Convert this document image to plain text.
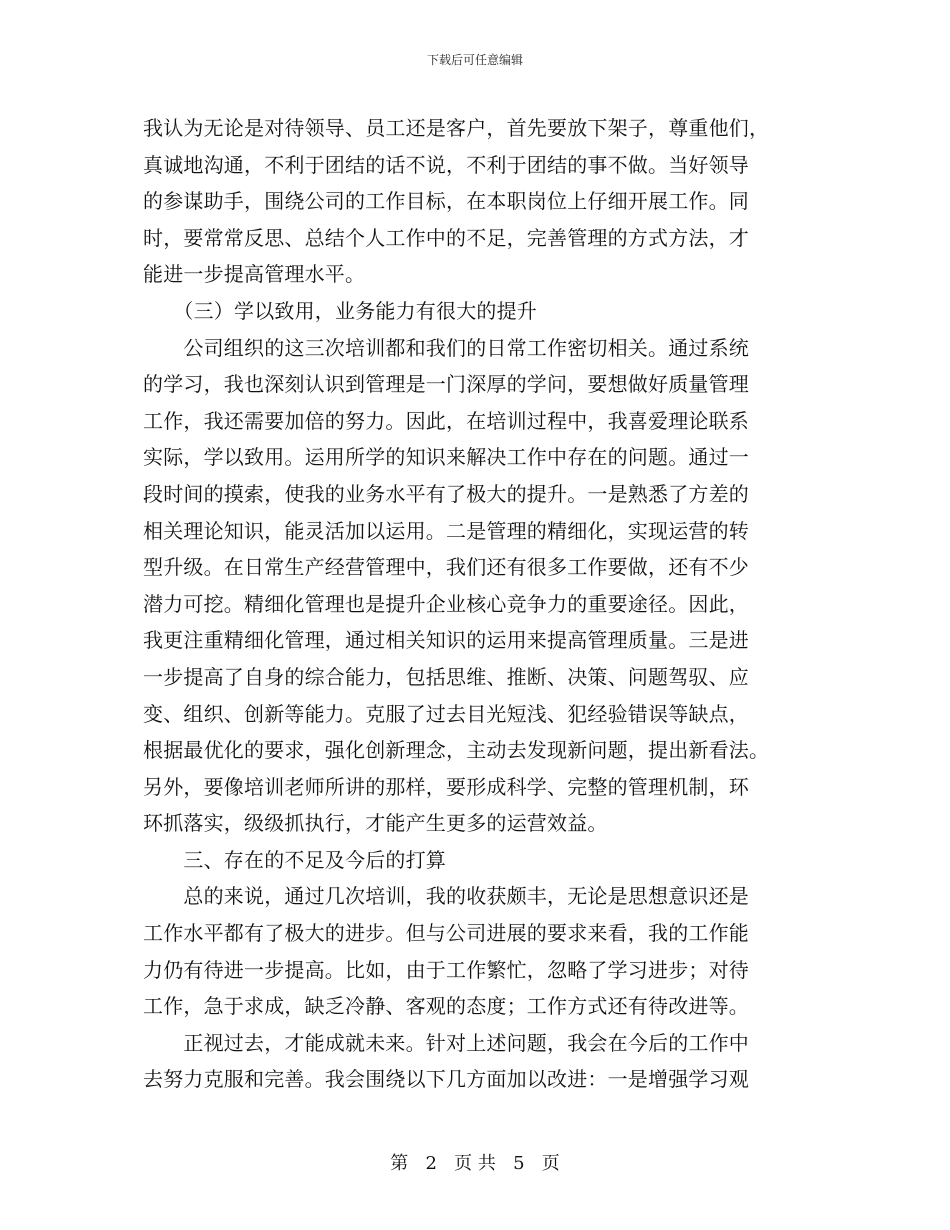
下载后可任意编辑
我认为无论是对待领导、员工还是客户，首先要放下架子，尊重他们，
真诚地沟通，不利于团结的话不说，不利于团结的事不做。当好领导
的参谋助手，围绕公司的工作目标，在本职岗位上仔细开展工作。同
时，要常常反思、总结个人工作中的不足，完善管理的方式方法，才
能进一步提高管理水平。
　　（三）学以致用，业务能力有很大的提升
　　公司组织的这三次培训都和我们的日常工作密切相关。通过系统
的学习，我也深刻认识到管理是一门深厚的学问，要想做好质量管理
工作，我还需要加倍的努力。因此，在培训过程中，我喜爱理论联系
实际，学以致用。运用所学的知识来解决工作中存在的问题。通过一
段时间的摸索，使我的业务水平有了极大的提升。一是熟悉了方差的
相关理论知识，能灵活加以运用。二是管理的精细化，实现运营的转
型升级。在日常生产经营管理中，我们还有很多工作要做，还有不少
潜力可挖。精细化管理也是提升企业核心竞争力的重要途径。因此，
我更注重精细化管理，通过相关知识的运用来提高管理质量。三是进
一步提高了自身的综合能力，包括思维、推断、决策、问题驾驭、应
变、组织、创新等能力。克服了过去目光短浅、犯经验错误等缺点，
根据最优化的要求，强化创新理念，主动去发现新问题，提出新看法。
另外，要像培训老师所讲的那样，要形成科学、完整的管理机制，环
环抓落实，级级抓执行，才能产生更多的运营效益。
　　三、存在的不足及今后的打算
　　总的来说，通过几次培训，我的收获颇丰，无论是思想意识还是
工作水平都有了极大的进步。但与公司进展的要求来看，我的工作能
力仍有待进一步提高。比如，由于工作繁忙，忽略了学习进步；对待
工作，急于求成，缺乏冷静、客观的态度；工作方式还有待改进等。
　　正视过去，才能成就未来。针对上述问题，我会在今后的工作中
去努力克服和完善。我会围绕以下几方面加以改进：一是增强学习观
第 2 页 共 5 页
